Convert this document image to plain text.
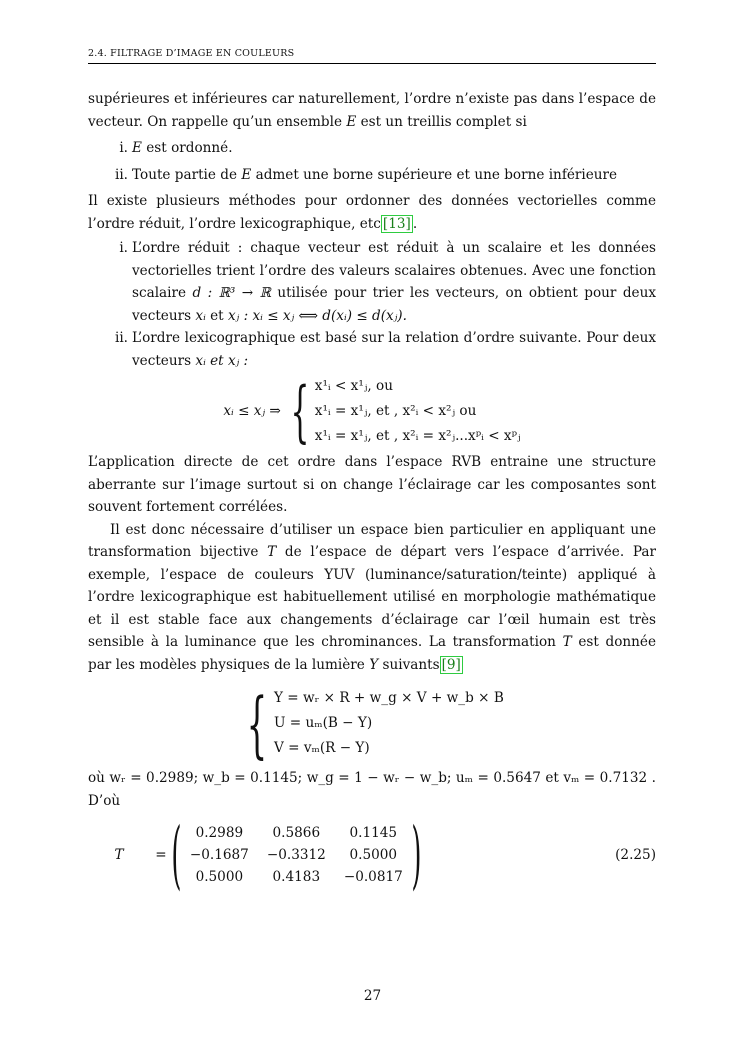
2.4. FILTRAGE D’IMAGE EN COULEURS

supérieures et inférieures car naturellement, l’ordre n’existe pas dans l’espace de vecteur. On rappelle qu’un ensemble E est un treillis complet si

i. E est ordonné.
ii. Toute partie de E admet une borne supérieure et une borne inférieure

Il existe plusieurs méthodes pour ordonner des données vectorielles comme l’ordre réduit, l’ordre lexicographique, etc [13] .

i. L’ordre réduit : chaque vecteur est réduit à un scalaire et les données vectorielles trient l’ordre des valeurs scalaires obtenues. Avec une fonction scalaire d : ℝ³ → ℝ utilisée pour trier les vecteurs, on obtient pour deux vecteurs xᵢ et xⱼ : xᵢ ≤ xⱼ ⟺ d(xᵢ) ≤ d(xⱼ).
ii. L’ordre lexicographique est basé sur la relation d’ordre suivante. Pour deux vecteurs xᵢ et xⱼ :
xᵢ ≤ xⱼ ⇒ { x¹ᵢ < x¹ⱼ, ou
x¹ᵢ = x¹ⱼ, et , x²ᵢ < x²ⱼ ou
x¹ᵢ = x¹ⱼ, et , x²ᵢ = x²ⱼ...xᵖᵢ < xᵖⱼ

L’application directe de cet ordre dans l’espace RVB entraine une structure aberrante sur l’image surtout si on change l’éclairage car les composantes sont souvent fortement corrélées.

Il est donc nécessaire d’utiliser un espace bien particulier en appliquant une transformation bijective T de l’espace de départ vers l’espace d’arrivée. Par exemple, l’espace de couleurs YUV (luminance/saturation/teinte) appliqué à l’ordre lexicographique est habituellement utilisé en morphologie mathématique et il est stable face aux changements d’éclairage car l’œil humain est très sensible à la luminance que les chrominances. La transformation T est donnée par les modèles physiques de la lumière Y suivants [9]

{ Y = wᵣ × R + w_g × V + w_b × B
U = uₘ(B − Y)
V = vₘ(R − Y)

où wᵣ = 0.2989; w_b = 0.1145; w_g = 1 − wᵣ − w_b; uₘ = 0.5647 et vₘ = 0.7132 . D’où

T	= ( 0.2989	0.5866	0.1145
−0.1687	−0.3312	0.5000
0.5000	0.4183	−0.0817 )	(2.25)
27
